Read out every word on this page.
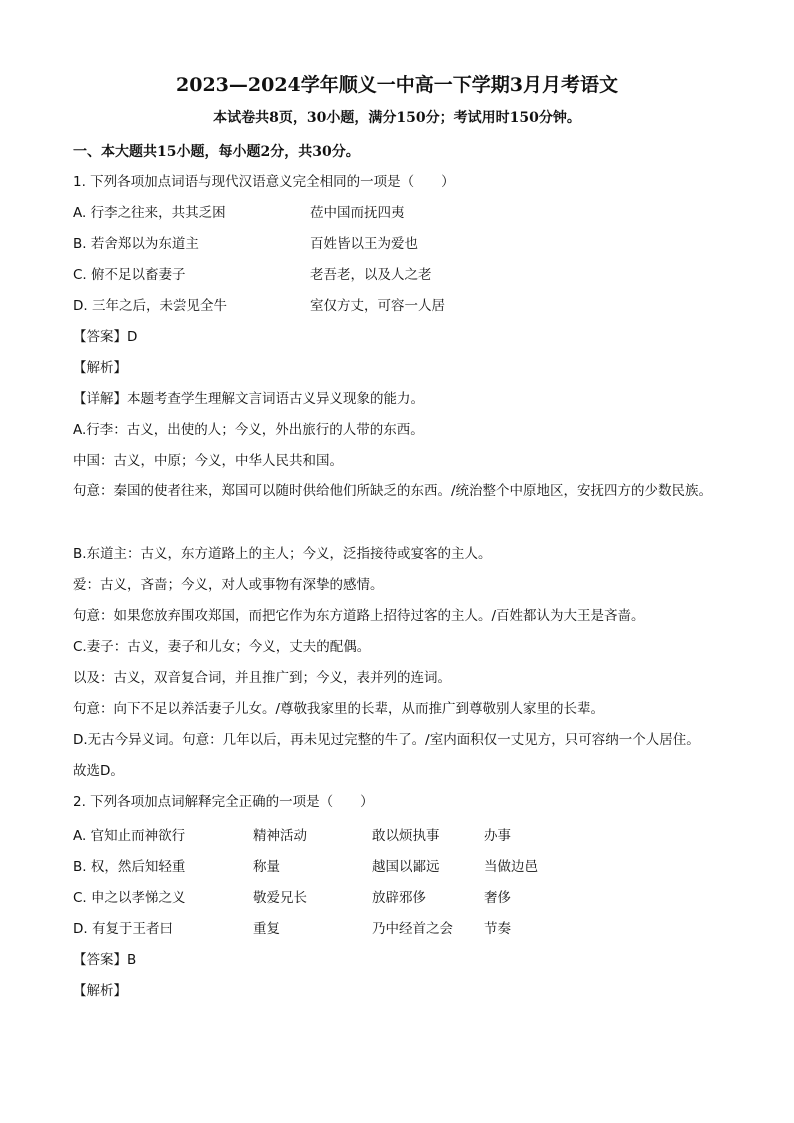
2023—2024学年顺义一中高一下学期3月月考语文
本试卷共8页，30小题，满分150分；考试用时150分钟。
一、本大题共15小题，每小题2分，共30分。
1. 下列各项加点词语与现代汉语意义完全相同的一项是（　　）
A. 行李之往来，共其乏困	莅中国而抚四夷
B. 若舍郑以为东道主	百姓皆以王为爱也
C. 俯不足以畜妻子	老吾老，以及人之老
D. 三年之后，未尝见全牛	室仅方丈，可容一人居
【答案】D
【解析】
【详解】本题考查学生理解文言词语古义异义现象的能力。
A.行李：古义，出使的人；今义，外出旅行的人带的东西。
中国：古义，中原；今义，中华人民共和国。
句意：秦国的使者往来，郑国可以随时供给他们所缺乏的东西。/统治整个中原地区，安抚四方的少数民族。
B.东道主：古义，东方道路上的主人；今义，泛指接待或宴客的主人。
爱：古义，吝啬；今义，对人或事物有深挚的感情。
句意：如果您放弃围攻郑国，而把它作为东方道路上招待过客的主人。/百姓都认为大王是吝啬。
C.妻子：古义，妻子和儿女；今义，丈夫的配偶。
以及：古义，双音复合词，并且推广到；今义，表并列的连词。
句意：向下不足以养活妻子儿女。/尊敬我家里的长辈，从而推广到尊敬别人家里的长辈。
D.无古今异义词。句意：几年以后，再未见过完整的牛了。/室内面积仅一丈见方，只可容纳一个人居住。
故选D。
2. 下列各项加点词解释完全正确的一项是（　　）
A. 官知止而神欲行	精神活动	敢以烦执事	办事
B. 权，然后知轻重	称量	越国以鄙远	当做边邑
C. 申之以孝悌之义	敬爱兄长	放辟邪侈	奢侈
D. 有复于王者曰	重复	乃中经首之会 节奏
【答案】B
【解析】
